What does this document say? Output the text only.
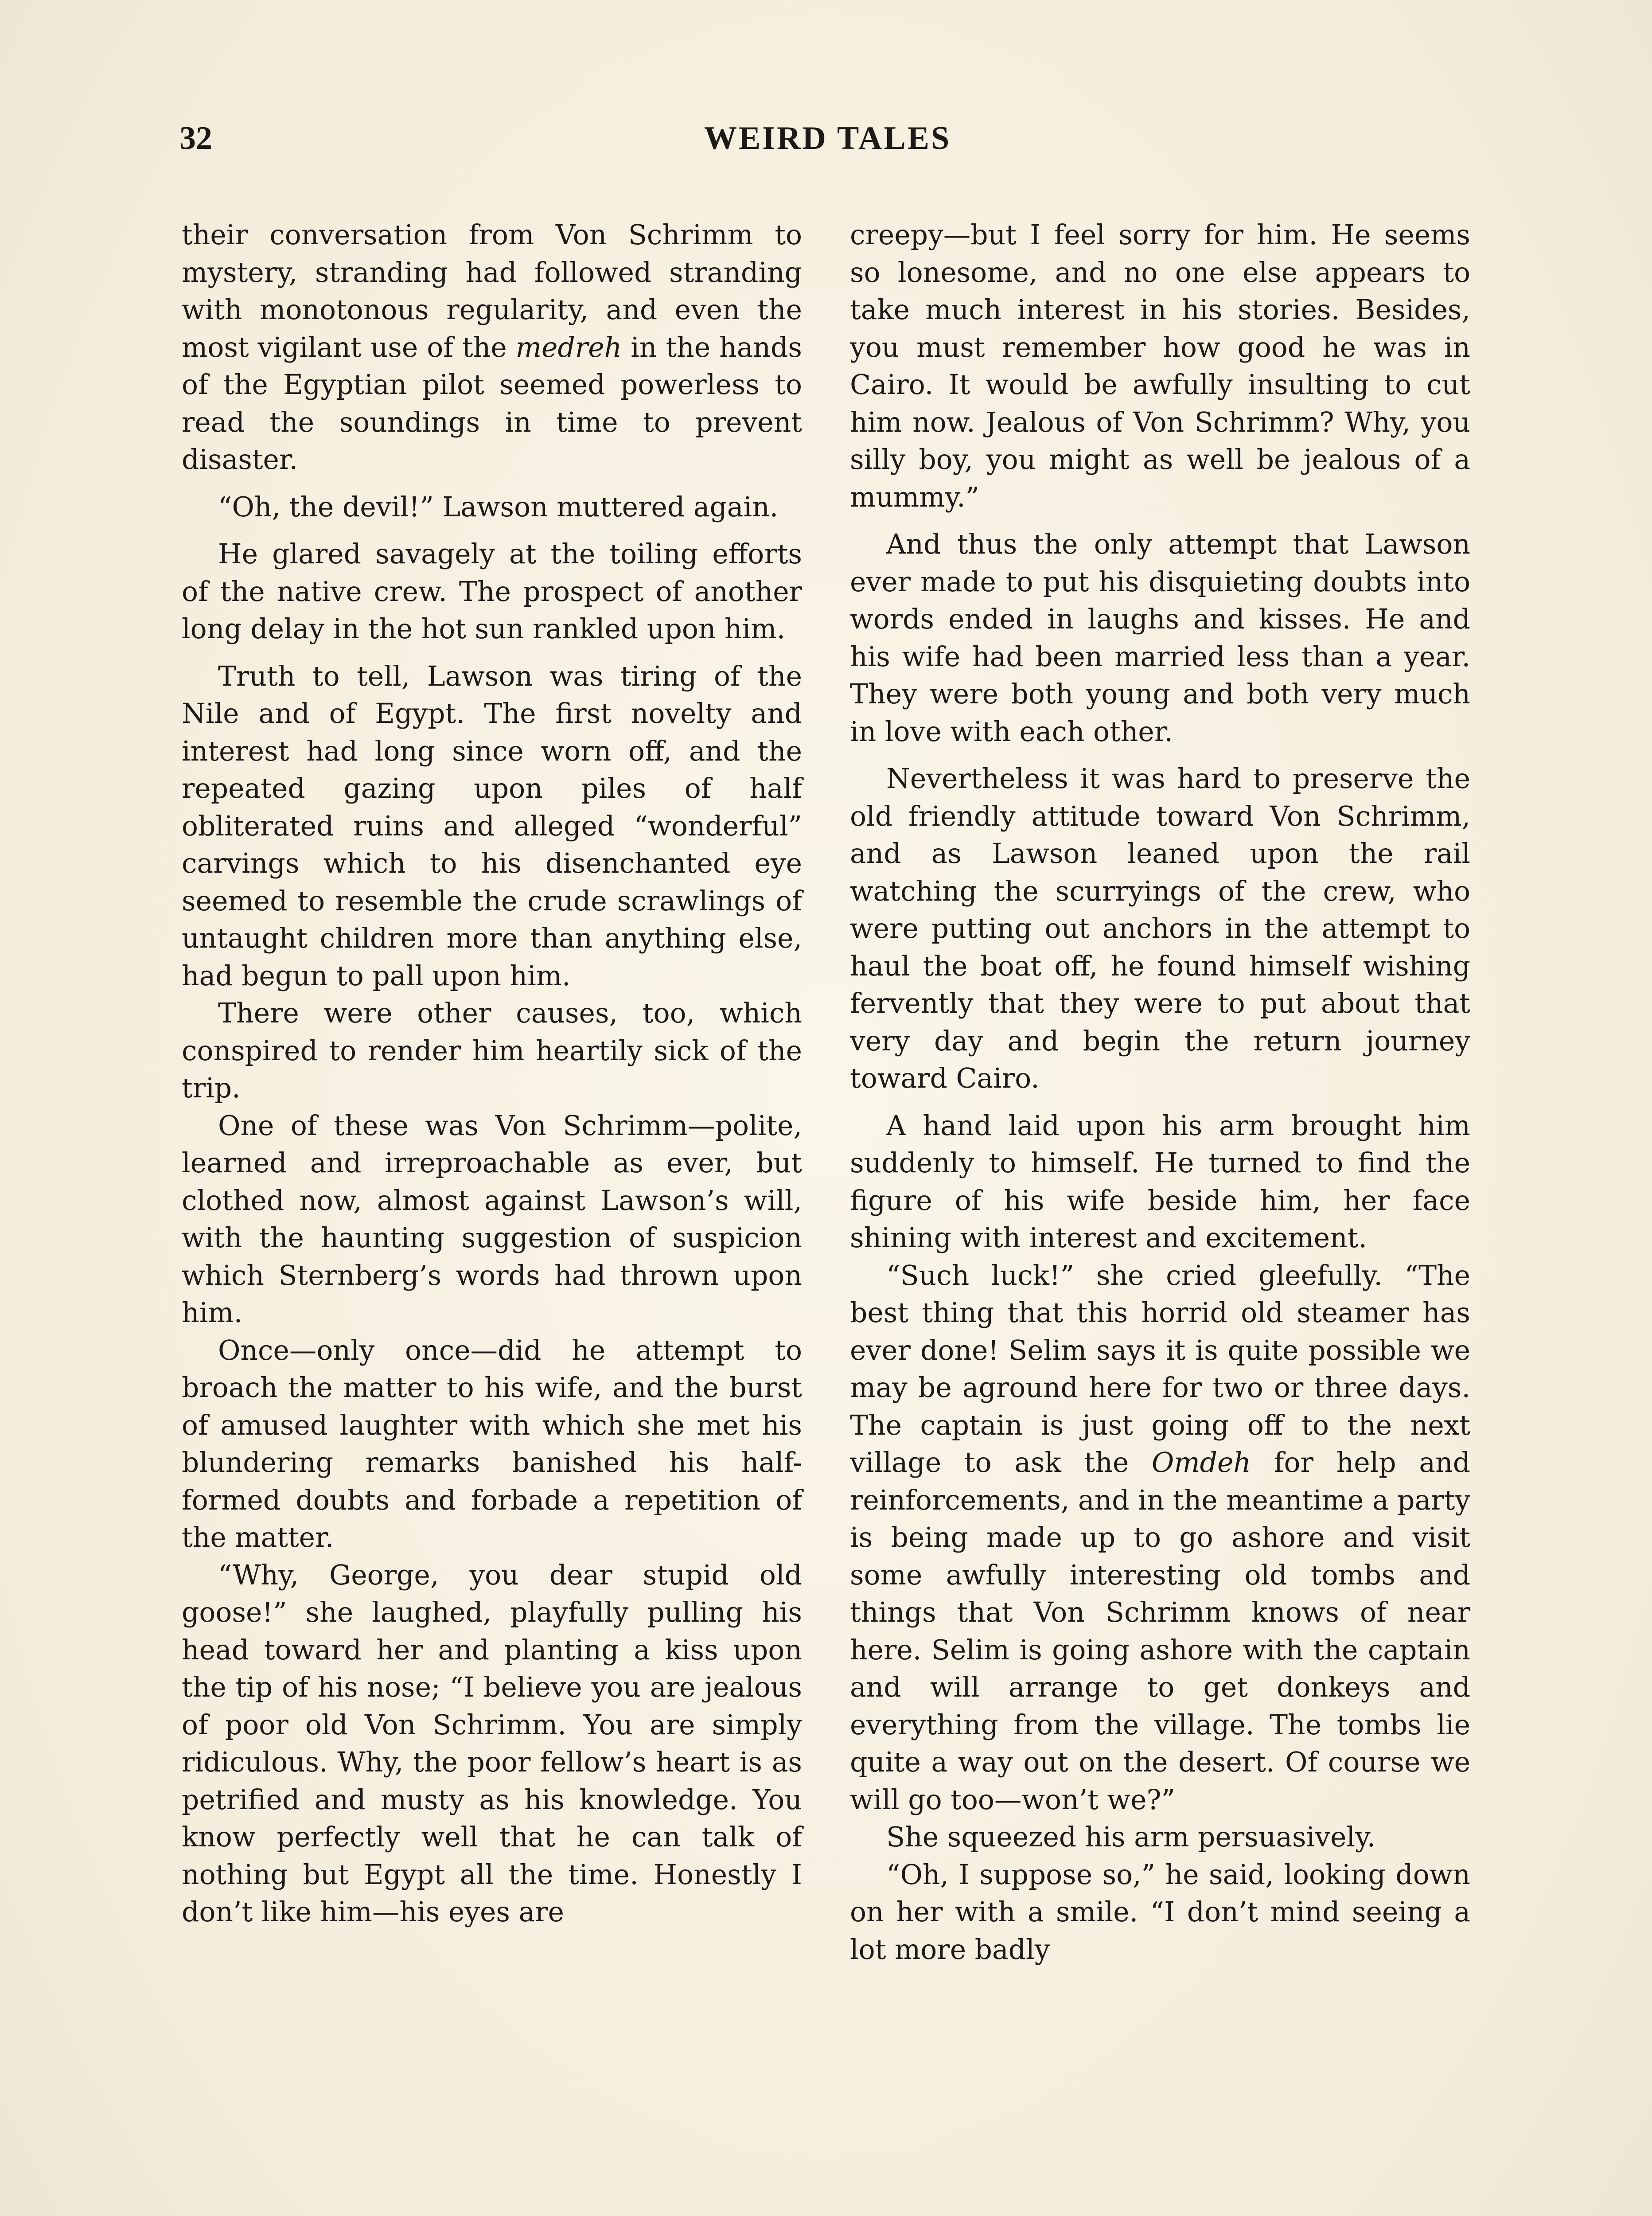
32	WEIRD TALES

their conversation from Von Schrimm to mystery, stranding had followed stranding with monotonous regularity, and even the most vigilant use of the medreh in the hands of the Egyptian pilot seemed powerless to read the soundings in time to prevent disaster.

“Oh, the devil!” Lawson muttered again.

He glared savagely at the toiling efforts of the native crew. The prospect of another long delay in the hot sun rankled upon him.

Truth to tell, Lawson was tiring of the Nile and of Egypt. The first novelty and interest had long since worn off, and the repeated gazing upon piles of half obliterated ruins and alleged “wonderful” carvings which to his disenchanted eye seemed to resemble the crude scrawlings of untaught children more than anything else, had begun to pall upon him.

There were other causes, too, which conspired to render him heartily sick of the trip.

One of these was Von Schrimm—polite, learned and irreproachable as ever, but clothed now, almost against Lawson’s will, with the haunting suggestion of suspicion which Sternberg’s words had thrown upon him.

Once—only once—did he attempt to broach the matter to his wife, and the burst of amused laughter with which she met his blundering remarks banished his half-formed doubts and forbade a repetition of the matter.

“Why, George, you dear stupid old goose!” she laughed, playfully pulling his head toward her and planting a kiss upon the tip of his nose; “I believe you are jealous of poor old Von Schrimm. You are simply ridiculous. Why, the poor fellow’s heart is as petrified and musty as his knowledge. You know perfectly well that he can talk of nothing but Egypt all the time. Honestly I don’t like him—his eyes are

creepy—but I feel sorry for him. He seems so lonesome, and no one else appears to take much interest in his stories. Besides, you must remember how good he was in Cairo. It would be awfully insulting to cut him now. Jealous of Von Schrimm? Why, you silly boy, you might as well be jealous of a mummy.”

And thus the only attempt that Lawson ever made to put his disquieting doubts into words ended in laughs and kisses. He and his wife had been married less than a year. They were both young and both very much in love with each other.

Nevertheless it was hard to preserve the old friendly attitude toward Von Schrimm, and as Lawson leaned upon the rail watching the scurryings of the crew, who were putting out anchors in the attempt to haul the boat off, he found himself wishing fervently that they were to put about that very day and begin the return journey toward Cairo.

A hand laid upon his arm brought him suddenly to himself. He turned to find the figure of his wife beside him, her face shining with interest and excitement.

“Such luck!” she cried gleefully. “The best thing that this horrid old steamer has ever done! Selim says it is quite possible we may be aground here for two or three days. The captain is just going off to the next village to ask the Omdeh for help and reinforcements, and in the meantime a party is being made up to go ashore and visit some awfully interesting old tombs and things that Von Schrimm knows of near here. Selim is going ashore with the captain and will arrange to get donkeys and everything from the village. The tombs lie quite a way out on the desert. Of course we will go too—won’t we?”

She squeezed his arm persuasively.

“Oh, I suppose so,” he said, looking down on her with a smile. “I don’t mind seeing a lot more badly
